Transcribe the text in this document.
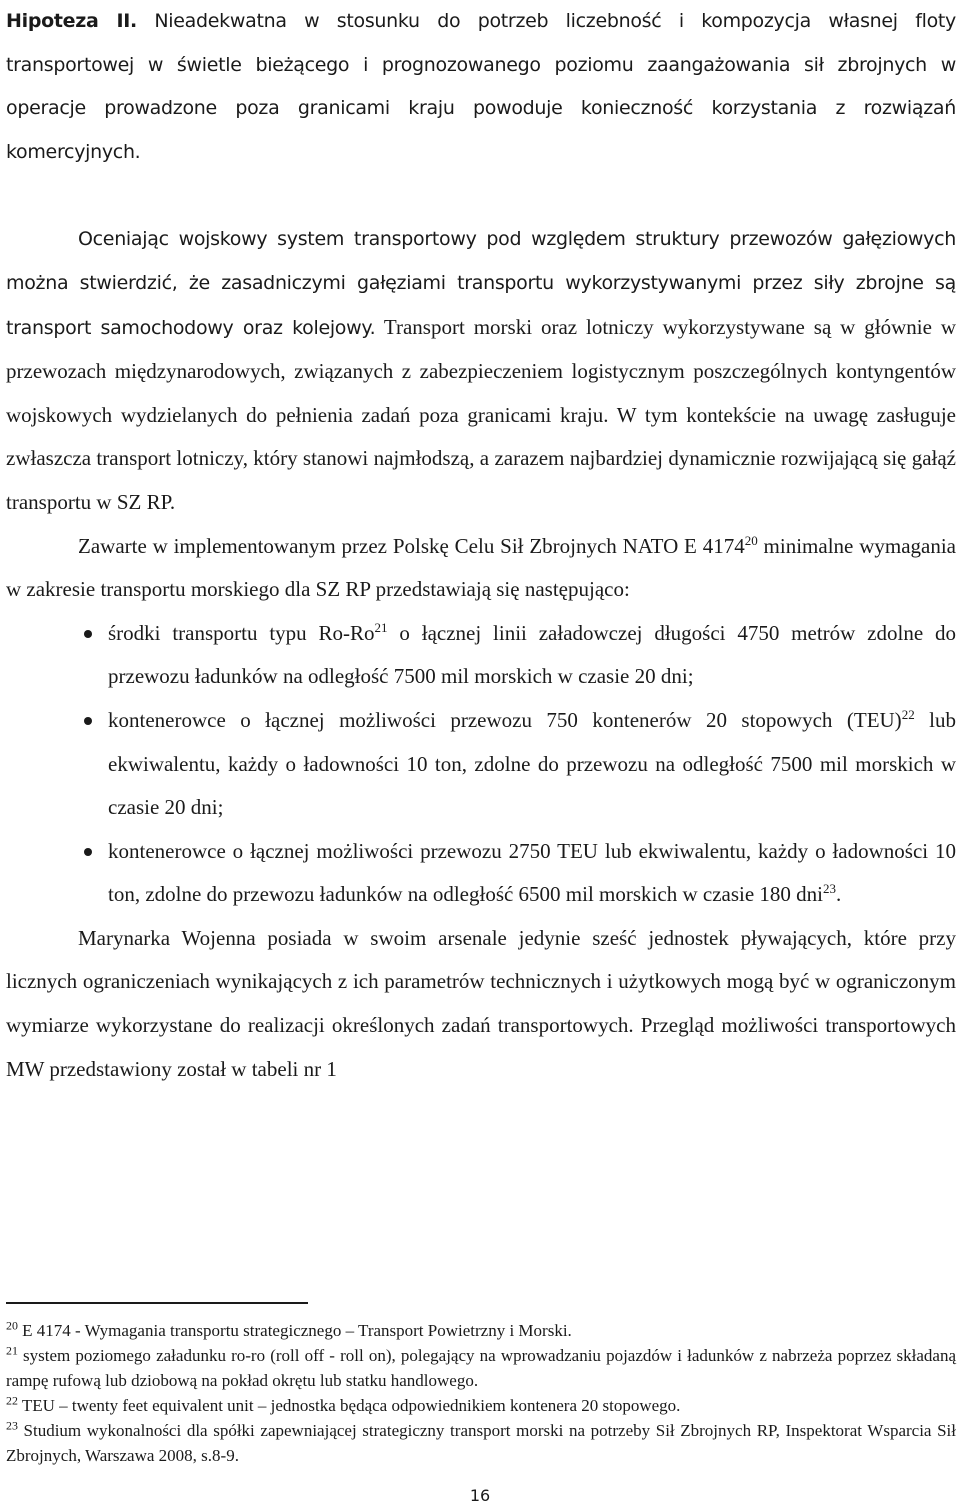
Hipoteza II. Nieadekwatna w stosunku do potrzeb liczebność i kompozycja własnej floty transportowej w świetle bieżącego i prognozowanego poziomu zaangażowania sił zbrojnych w operacje prowadzone poza granicami kraju powoduje konieczność korzystania z rozwiązań komercyjnych.

Oceniając wojskowy system transportowy pod względem struktury przewozów gałęziowych można stwierdzić, że zasadniczymi gałęziami transportu wykorzystywanymi przez siły zbrojne są transport samochodowy oraz kolejowy. Transport morski oraz lotniczy wykorzystywane są w głównie w przewozach międzynarodowych, związanych z zabezpieczeniem logistycznym poszczególnych kontyngentów wojskowych wydzielanych do pełnienia zadań poza granicami kraju. W tym kontekście na uwagę zasługuje zwłaszcza transport lotniczy, który stanowi najmłodszą, a zarazem najbardziej dynamicznie rozwijającą się gałąź transportu w SZ RP.

Zawarte w implementowanym przez Polskę Celu Sił Zbrojnych NATO E 4174$^{20}$ minimalne wymagania w zakresie transportu morskiego dla SZ RP przedstawiają się następująco:

środki transportu typu Ro-Ro$^{21}$ o łącznej linii załadowczej długości 4750 metrów zdolne do przewozu ładunków na odległość 7500 mil morskich w czasie 20 dni;
kontenerowce o łącznej możliwości przewozu 750 kontenerów 20 stopowych (TEU)$^{22}$ lub ekwiwalentu, każdy o ładowności 10 ton, zdolne do przewozu na odległość 7500 mil morskich w czasie 20 dni;
kontenerowce o łącznej możliwości przewozu 2750 TEU lub ekwiwalentu, każdy o ładowności 10 ton, zdolne do przewozu ładunków na odległość 6500 mil morskich w czasie 180 dni$^{23}$.

Marynarka Wojenna posiada w swoim arsenale jedynie sześć jednostek pływających, które przy licznych ograniczeniach wynikających z ich parametrów technicznych i użytkowych mogą być w ograniczonym wymiarze wykorzystane do realizacji określonych zadań transportowych. Przegląd możliwości transportowych MW przedstawiony został w tabeli nr 1

$^{20}$ E 4174 - Wymagania transportu strategicznego – Transport Powietrzny i Morski.

$^{21}$ system poziomego załadunku ro-ro (roll off - roll on), polegający na wprowadzaniu pojazdów i ładunków z nabrzeża poprzez składaną rampę rufową lub dziobową na pokład okrętu lub statku handlowego.

$^{22}$ TEU – twenty feet equivalent unit – jednostka będąca odpowiednikiem kontenera 20 stopowego.

$^{23}$ Studium wykonalności dla spółki zapewniającej strategiczny transport morski na potrzeby Sił Zbrojnych RP, Inspektorat Wsparcia Sił Zbrojnych, Warszawa 2008, s.8-9.

16
